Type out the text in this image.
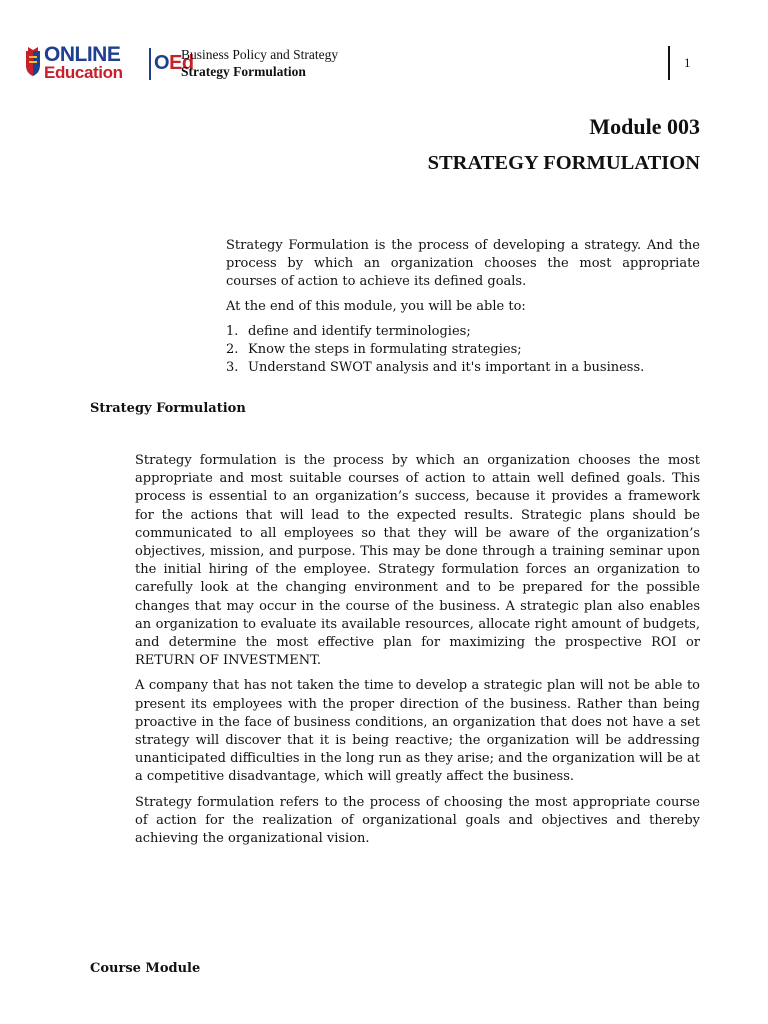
ONLINE
Education OEd
Business Policy and Strategy
Strategy Formulation
1
Module 003
STRATEGY FORMULATION

Strategy Formulation is the process of developing a strategy. And the process by which an organization chooses the most appropriate courses of action to achieve its defined goals.

At the end of this module, you will be able to:

1. define and identify terminologies;
2. Know the steps in formulating strategies;
3. Understand SWOT analysis and it's important in a business.
Strategy Formulation

Strategy formulation is the process by which an organization chooses the most appropriate and most suitable courses of action to attain well defined goals. This process is essential to an organization’s success, because it provides a framework for the actions that will lead to the expected results. Strategic plans should be communicated to all employees so that they will be aware of the organization’s objectives, mission, and purpose. This may be done through a training seminar upon the initial hiring of the employee. Strategy formulation forces an organization to carefully look at the changing environment and to be prepared for the possible changes that may occur in the course of the business. A strategic plan also enables an organization to evaluate its available resources, allocate right amount of budgets, and determine the most effective plan for maximizing the prospective ROI or RETURN OF INVESTMENT.

A company that has not taken the time to develop a strategic plan will not be able to present its employees with the proper direction of the business. Rather than being proactive in the face of business conditions, an organization that does not have a set strategy will discover that it is being reactive; the organization will be addressing unanticipated difficulties in the long run as they arise; and the organization will be at a competitive disadvantage, which will greatly affect the business.

Strategy formulation refers to the process of choosing the most appropriate course of action for the realization of organizational goals and objectives and thereby achieving the organizational vision.

Course Module
